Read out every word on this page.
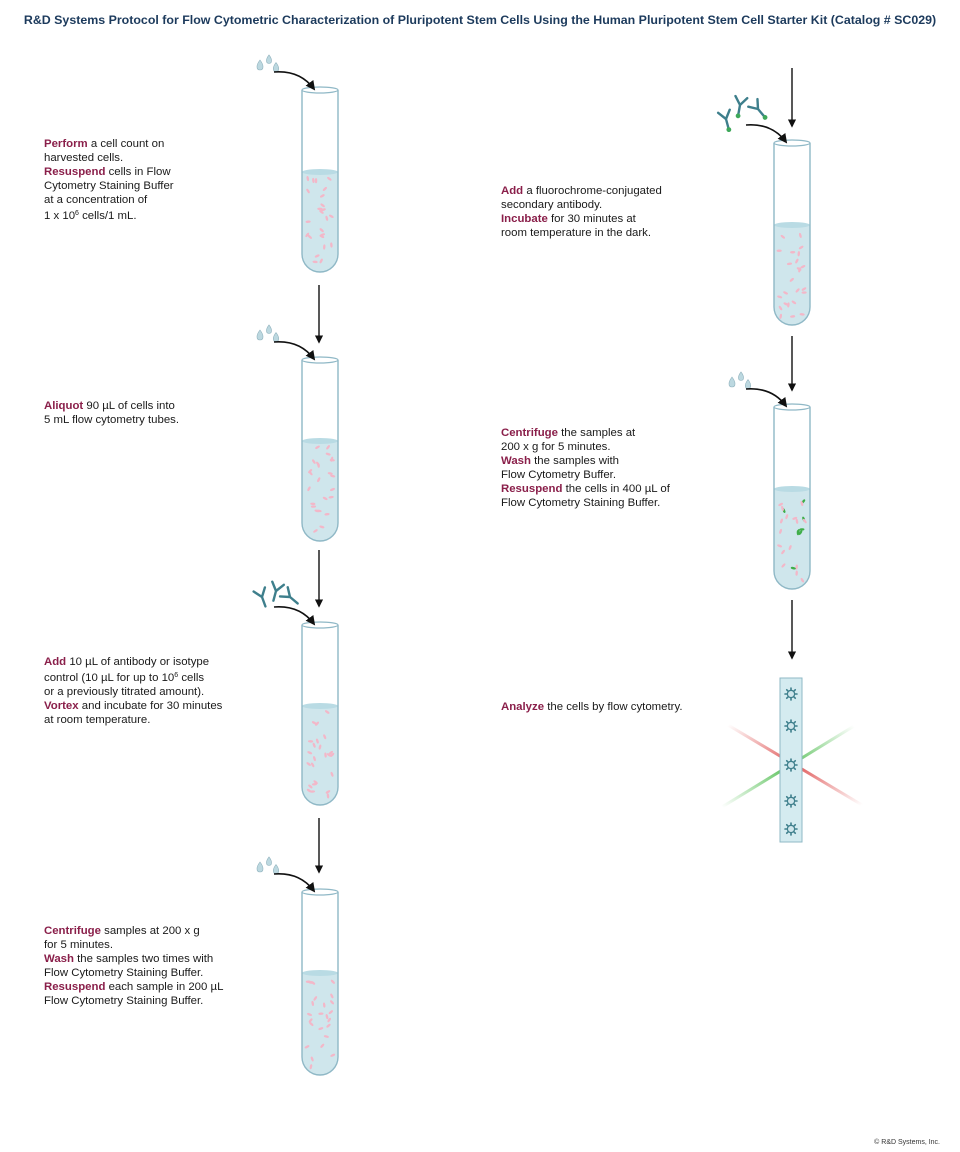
R&D Systems Protocol for Flow Cytometric Characterization of Pluripotent Stem Cells Using the Human Pluripotent Stem Cell Starter Kit (Catalog # SC029)
Perform a cell count on
harvested cells.
Resuspend cells in Flow
Cytometry Staining Buffer
at a concentration of
1 x $10^6$ cells/1 mL.
Aliquot 90 µL of cells into
5 mL flow cytometry tubes.
Add 10 µL of antibody or isotype
control (10 µL for up to $10^6$ cells
or a previously titrated amount).
Vortex and incubate for 30 minutes
at room temperature.
Centrifuge samples at 200 x g
for 5 minutes.
Wash the samples two times with
Flow Cytometry Staining Buffer.
Resuspend each sample in 200 µL
Flow Cytometry Staining Buffer.
Add a fluorochrome-conjugated
secondary antibody.
Incubate for 30 minutes at
room temperature in the dark.
Centrifuge the samples at
200 x g for 5 minutes.
Wash the samples with
Flow Cytometry Buffer.
Resuspend the cells in 400 µL of
Flow Cytometry Staining Buffer.
Analyze the cells by flow cytometry.
© R&D Systems, Inc.
